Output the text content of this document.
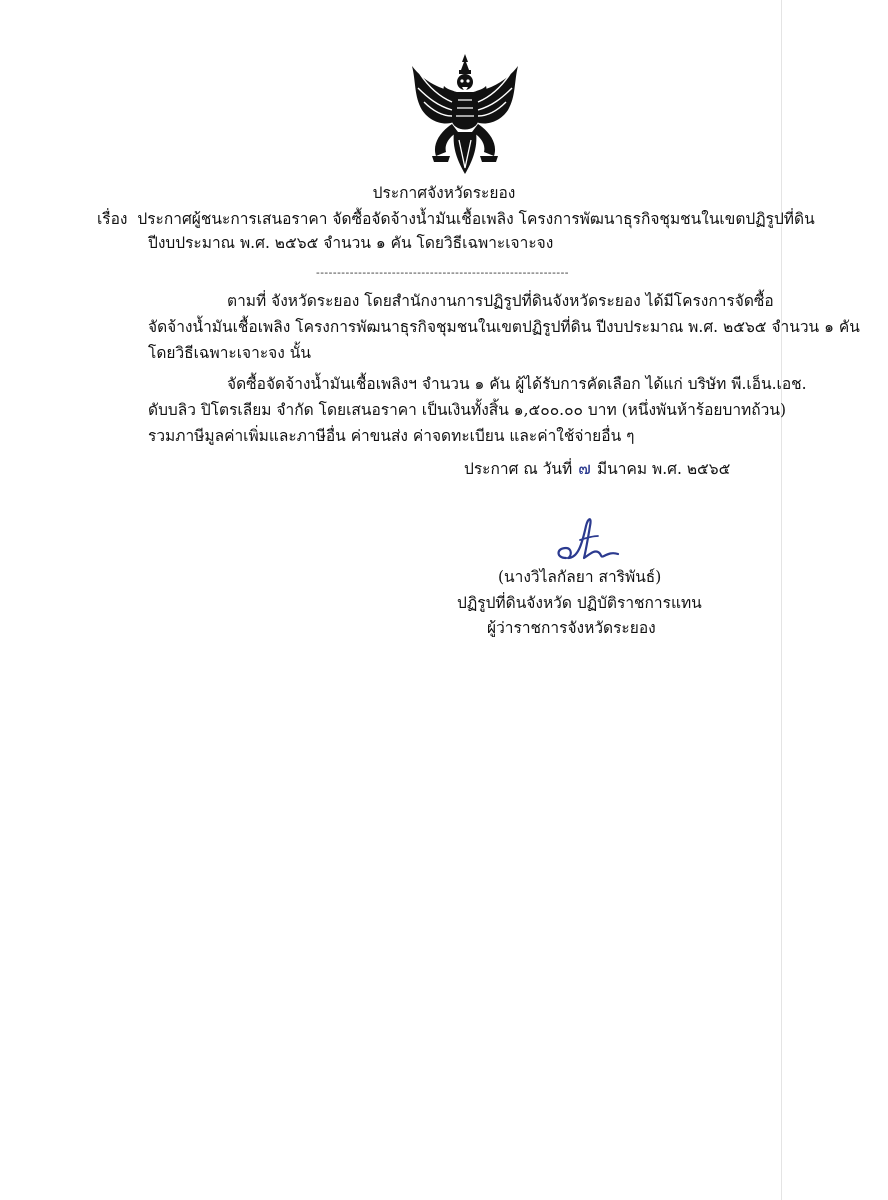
ประกาศจังหวัดระยอง
เรื่อง ประกาศผู้ชนะการเสนอราคา จัดซื้อจัดจ้างน้ำมันเชื้อเพลิง โครงการพัฒนาธุรกิจชุมชนในเขตปฏิรูปที่ดิน
ปีงบประมาณ พ.ศ. ๒๕๖๕ จำนวน ๑ คัน โดยวิธีเฉพาะเจาะจง
------------------------------------------------------------
ตามที่ จังหวัดระยอง โดยสำนักงานการปฏิรูปที่ดินจังหวัดระยอง ได้มีโครงการจัดซื้อ
จัดจ้างน้ำมันเชื้อเพลิง โครงการพัฒนาธุรกิจชุมชนในเขตปฏิรูปที่ดิน ปีงบประมาณ พ.ศ. ๒๕๖๕ จำนวน ๑ คัน
โดยวิธีเฉพาะเจาะจง นั้น
จัดซื้อจัดจ้างน้ำมันเชื้อเพลิงฯ จำนวน ๑ คัน ผู้ได้รับการคัดเลือก ได้แก่ บริษัท พี.เอ็น.เอช.
ดับบลิว ปิโตรเลียม จำกัด โดยเสนอราคา เป็นเงินทั้งสิ้น ๑,๕๐๐.๐๐ บาท (หนึ่งพันห้าร้อยบาทถ้วน)
รวมภาษีมูลค่าเพิ่มและภาษีอื่น ค่าขนส่ง ค่าจดทะเบียน และค่าใช้จ่ายอื่น ๆ
ประกาศ ณ วันที่ ๗ มีนาคม พ.ศ. ๒๕๖๕
(นางวิไลกัลยา สาริพันธ์)
ปฏิรูปที่ดินจังหวัด ปฏิบัติราชการแทน
ผู้ว่าราชการจังหวัดระยอง
